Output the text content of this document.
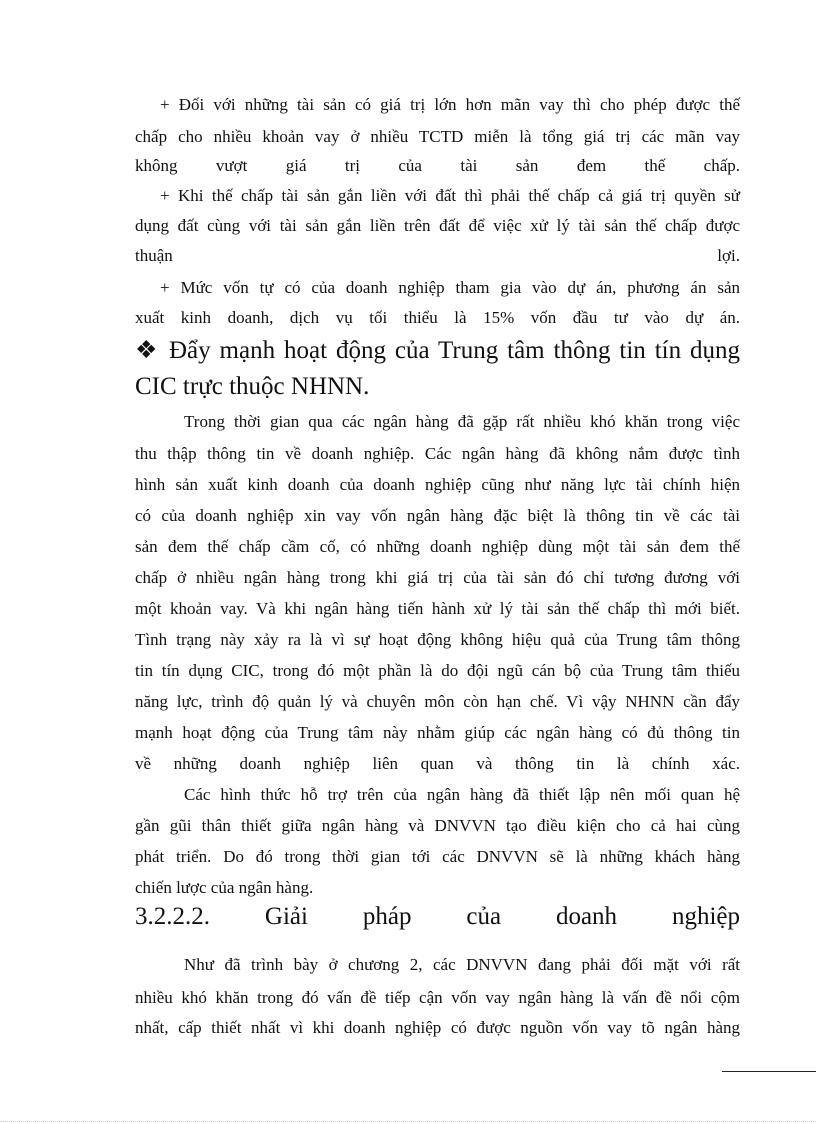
+ Đối với những tài sản có giá trị lớn hơn mãn vay thì cho phép được thế
chấp cho nhiều khoản vay ở nhiều TCTD miễn là tổng giá trị các mãn vay
không vượt giá trị của tài sản đem thế chấp.
+ Khi thế chấp tài sản gắn liền với đất thì phải thế chấp cả giá trị quyền sử
dụng đất cùng với tài sản gắn liền trên đất để việc xử lý tài sản thế chấp được
thuận lợi.
+ Mức vốn tự có của doanh nghiệp tham gia vào dự án, phương án sản
xuất kinh doanh, dịch vụ tối thiểu là 15% vốn đầu tư vào dự án.
❖ Đẩy mạnh hoạt động của Trung tâm thông tin tín dụng
CIC trực thuộc NHNN.
Trong thời gian qua các ngân hàng đã gặp rất nhiều khó khăn trong việc
thu thập thông tin về doanh nghiệp. Các ngân hàng đã không nắm được tình
hình sản xuất kinh doanh của doanh nghiệp cũng như năng lực tài chính hiện
có của doanh nghiệp xin vay vốn ngân hàng đặc biệt là thông tin về các tài
sản đem thế chấp cầm cố, có những doanh nghiệp dùng một tài sản đem thế
chấp ở nhiều ngân hàng trong khi giá trị của tài sản đó chỉ tương đương với
một khoản vay. Và khi ngân hàng tiến hành xử lý tài sản thế chấp thì mới biết.
Tình trạng này xảy ra là vì sự hoạt động không hiệu quả của Trung tâm thông
tin tín dụng CIC, trong đó một phần là do đội ngũ cán bộ của Trung tâm thiếu
năng lực, trình độ quản lý và chuyên môn còn hạn chế. Vì vậy NHNN cần đẩy
mạnh hoạt động của Trung tâm này nhằm giúp các ngân hàng có đủ thông tin
về những doanh nghiệp liên quan và thông tin là chính xác.
Các hình thức hỗ trợ trên của ngân hàng đã thiết lập nên mối quan hệ
gần gũi thân thiết giữa ngân hàng và DNVVN tạo điều kiện cho cả hai cùng
phát triển. Do đó trong thời gian tới các DNVVN sẽ là những khách hàng
chiến lược của ngân hàng.
3.2.2.2. Giải pháp của doanh nghiệp
Như đã trình bày ở chương 2, các DNVVN đang phải đối mặt với rất
nhiều khó khăn trong đó vấn đề tiếp cận vốn vay ngân hàng là vấn đề nổi cộm
nhất, cấp thiết nhất vì khi doanh nghiệp có được nguồn vốn vay tõ ngân hàng
